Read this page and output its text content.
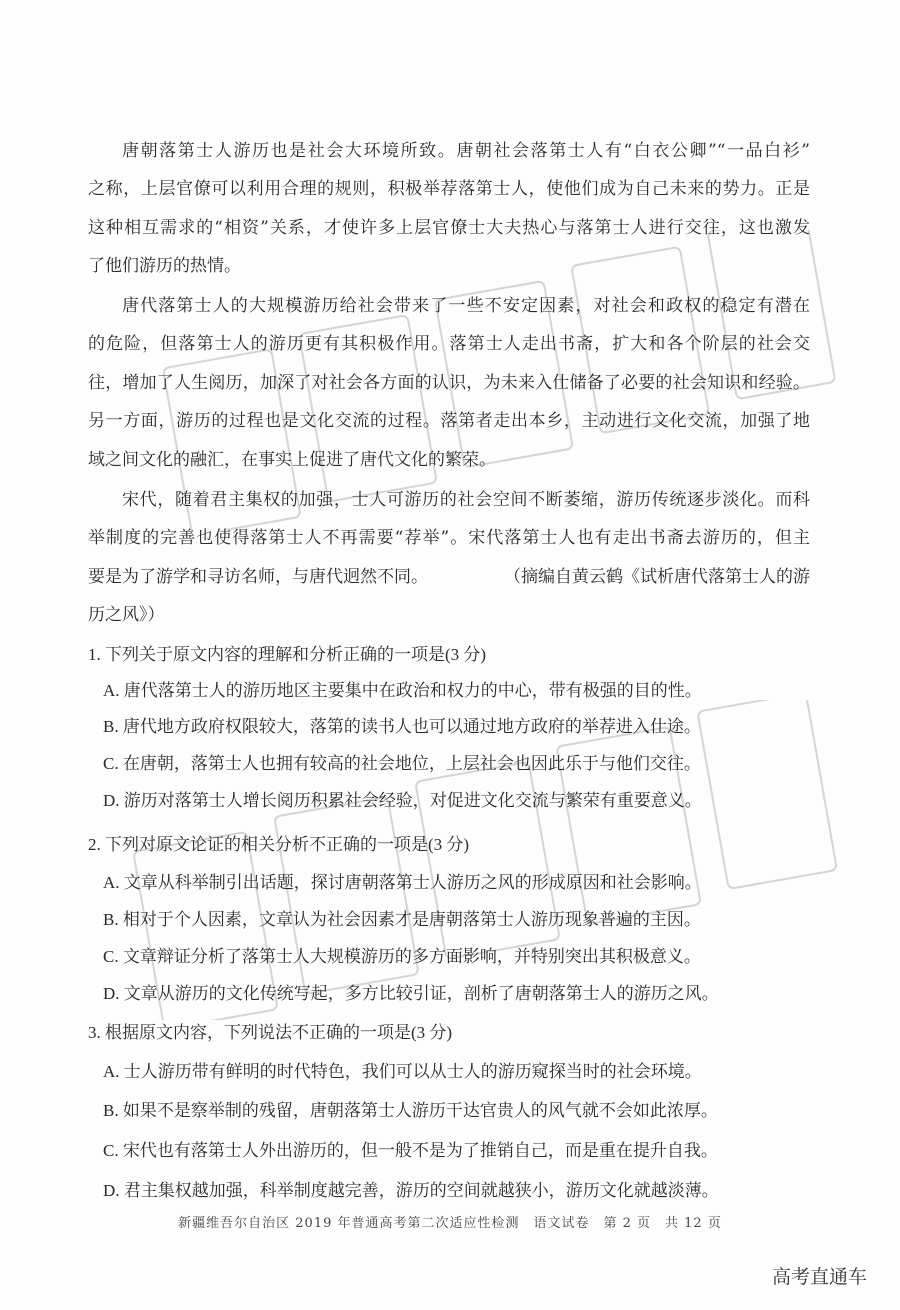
唐朝落第士人游历也是社会大环境所致。唐朝社会落第士人有“白衣公卿”“一品白衫”
之称，上层官僚可以利用合理的规则，积极举荐落第士人，使他们成为自己未来的势力。正是
这种相互需求的“相资”关系，才使许多上层官僚士大夫热心与落第士人进行交往，这也激发
了他们游历的热情。
唐代落第士人的大规模游历给社会带来了一些不安定因素，对社会和政权的稳定有潜在
的危险，但落第士人的游历更有其积极作用。落第士人走出书斋，扩大和各个阶层的社会交
往，增加了人生阅历，加深了对社会各方面的认识，为未来入仕储备了必要的社会知识和经验。
另一方面，游历的过程也是文化交流的过程。落第者走出本乡，主动进行文化交流，加强了地
域之间文化的融汇，在事实上促进了唐代文化的繁荣。
宋代，随着君主集权的加强，士人可游历的社会空间不断萎缩，游历传统逐步淡化。而科
举制度的完善也使得落第士人不再需要“荐举”。宋代落第士人也有走出书斋去游历的，但主
要是为了游学和寻访名师，与唐代迥然不同。	（摘编自黄云鹤《试析唐代落第士人的游
历之风》）
1. 下列关于原文内容的理解和分析正确的一项是(3 分)
A. 唐代落第士人的游历地区主要集中在政治和权力的中心，带有极强的目的性。
B. 唐代地方政府权限较大，落第的读书人也可以通过地方政府的举荐进入仕途。
C. 在唐朝，落第士人也拥有较高的社会地位，上层社会也因此乐于与他们交往。
D. 游历对落第士人增长阅历积累社会经验，对促进文化交流与繁荣有重要意义。
2. 下列对原文论证的相关分析不正确的一项是(3 分)
A. 文章从科举制引出话题，探讨唐朝落第士人游历之风的形成原因和社会影响。
B. 相对于个人因素，文章认为社会因素才是唐朝落第士人游历现象普遍的主因。
C. 文章辩证分析了落第士人大规模游历的多方面影响，并特别突出其积极意义。
D. 文章从游历的文化传统写起，多方比较引证，剖析了唐朝落第士人的游历之风。
3. 根据原文内容，下列说法不正确的一项是(3 分)
A. 士人游历带有鲜明的时代特色，我们可以从士人的游历窥探当时的社会环境。
B. 如果不是察举制的残留，唐朝落第士人游历干达官贵人的风气就不会如此浓厚。
C. 宋代也有落第士人外出游历的，但一般不是为了推销自己，而是重在提升自我。
D. 君主集权越加强，科举制度越完善，游历的空间就越狭小，游历文化就越淡薄。
新疆维吾尔自治区 2019 年普通高考第二次适应性检测　语文试卷　第 2 页　共 12 页
高考直通车
